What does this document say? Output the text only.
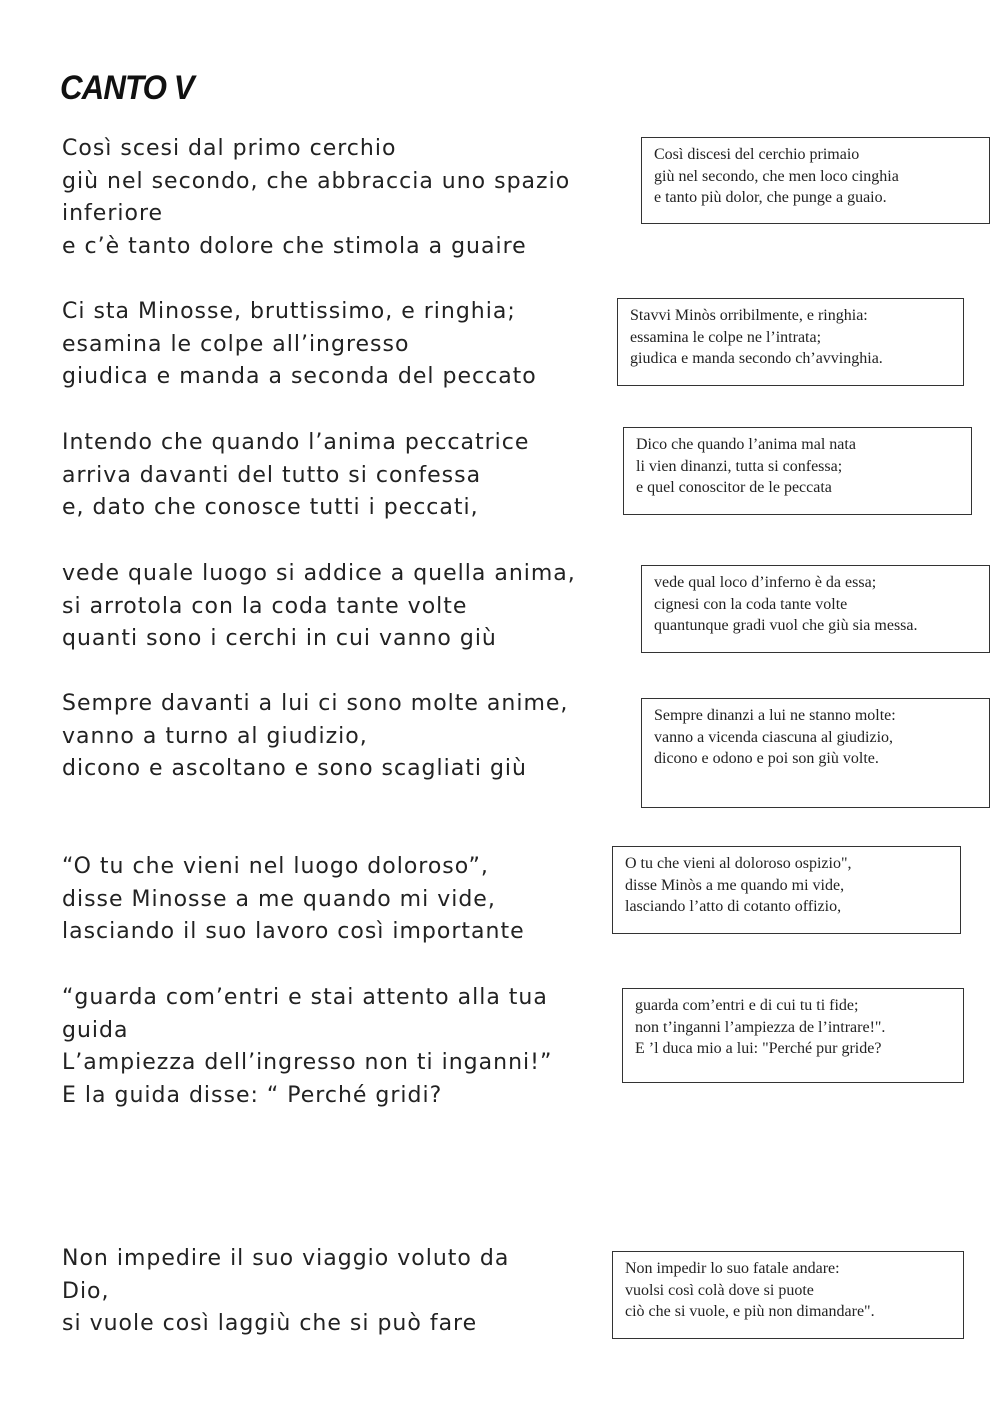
CANTO V
Così scesi dal primo cerchio
giù nel secondo, che abbraccia uno spazio
inferiore
e c’è tanto dolore che stimola a guaire
Così discesi del cerchio primaio
giù nel secondo, che men loco cinghia
e tanto più dolor, che punge a guaio.
Ci sta Minosse, bruttissimo, e ringhia;
esamina le colpe all’ingresso
giudica e manda a seconda del peccato
Stavvi Minòs orribilmente, e ringhia:
essamina le colpe ne l’intrata;
giudica e manda secondo ch’avvinghia.
Intendo che quando l’anima peccatrice
arriva davanti del tutto si confessa
e, dato che conosce tutti i peccati,
Dico che quando l’anima mal nata
li vien dinanzi, tutta si confessa;
e quel conoscitor de le peccata
vede quale luogo si addice a quella anima,
si arrotola con la coda tante volte
quanti sono i cerchi in cui vanno giù
vede qual loco d’inferno è da essa;
cignesi con la coda tante volte
quantunque gradi vuol che giù sia messa.
Sempre davanti a lui ci sono molte anime,
vanno a turno al giudizio,
dicono e ascoltano e sono scagliati giù
Sempre dinanzi a lui ne stanno molte:
vanno a vicenda ciascuna al giudizio,
dicono e odono e poi son giù volte.
“O tu che vieni nel luogo doloroso”,
disse Minosse a me quando mi vide,
lasciando il suo lavoro così importante
O tu che vieni al doloroso ospizio",
disse Minòs a me quando mi vide,
lasciando l’atto di cotanto offizio,
“guarda com’entri e stai attento alla tua
guida
L’ampiezza dell’ingresso non ti inganni!”
E la guida disse: “ Perché gridi?
guarda com’entri e di cui tu ti fide;
non t’inganni l’ampiezza de l’intrare!".
E ’l duca mio a lui: "Perché pur gride?
Non impedire il suo viaggio voluto da
Dio,
si vuole così laggiù che si può fare
Non impedir lo suo fatale andare:
vuolsi così colà dove si puote
ciò che si vuole, e più non dimandare".
